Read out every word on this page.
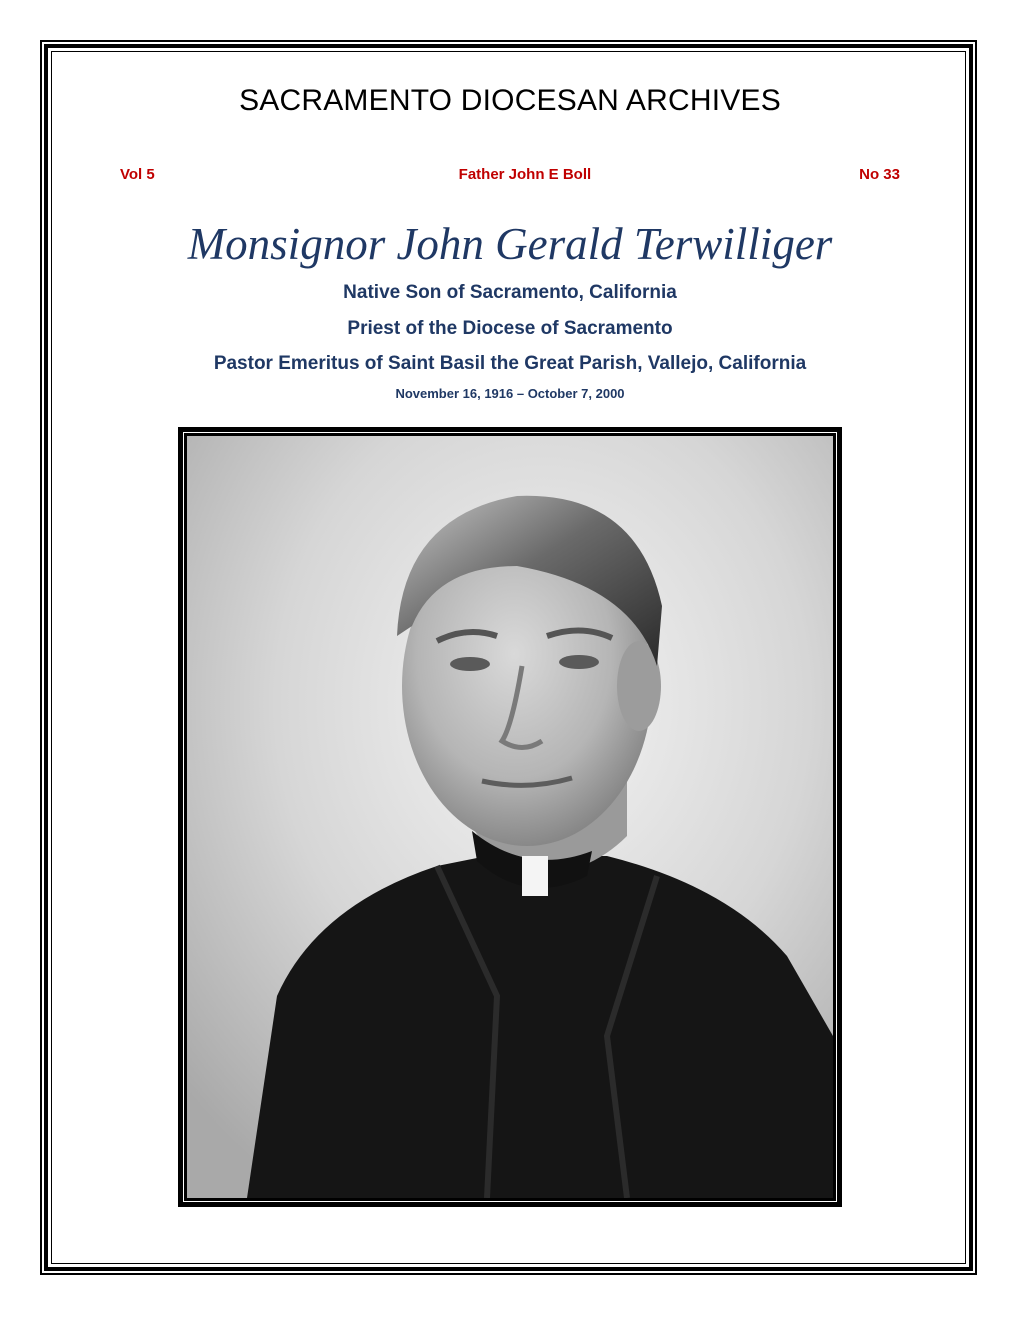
SACRAMENTO DIOCESAN ARCHIVES
Vol 5	Father John E Boll	No 33
Monsignor John Gerald Terwilliger
Native Son of Sacramento, California
Priest of the Diocese of Sacramento
Pastor Emeritus of Saint Basil the Great Parish, Vallejo, California
November 16, 1916 – October 7, 2000
